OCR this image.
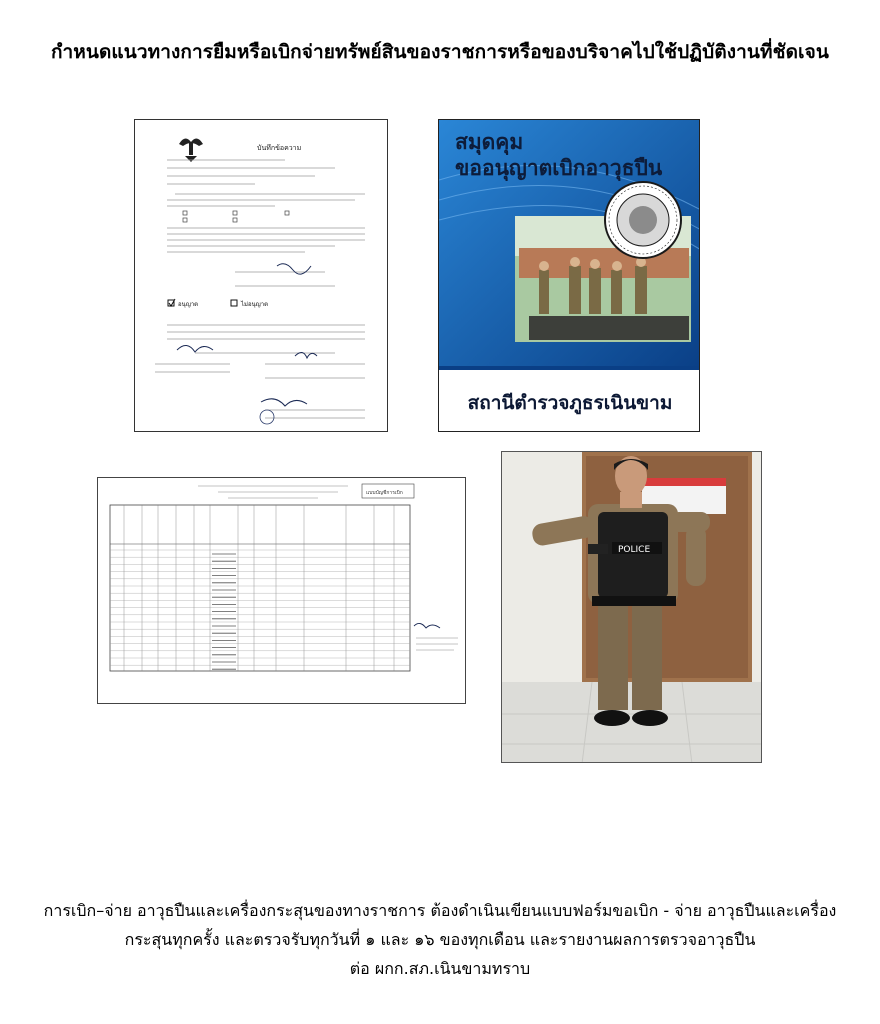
กำหนดแนวทางการยืมหรือเบิกจ่ายทรัพย์สินของราชการหรือของบริจาคไปใช้ปฏิบัติงานที่ชัดเจน
บันทึกข้อความ
อนุญาต	ไม่อนุญาต
สมุดคุม
ขออนุญาตเบิกอาวุธปืน
สถานีตำรวจภูธรเนินขาม
แบบบัญชีการเบิก
POLICE
การเบิก–จ่าย อาวุธปืนและเครื่องกระสุนของทางราชการ ต้องดำเนินเขียนแบบฟอร์มขอเบิก - จ่าย อาวุธปืนและเครื่อง
กระสุนทุกครั้ง และตรวจรับทุกวันที่ ๑ และ ๑๖ ของทุกเดือน และรายงานผลการตรวจอาวุธปืน
ต่อ ผกก.สภ.เนินขามทราบ
